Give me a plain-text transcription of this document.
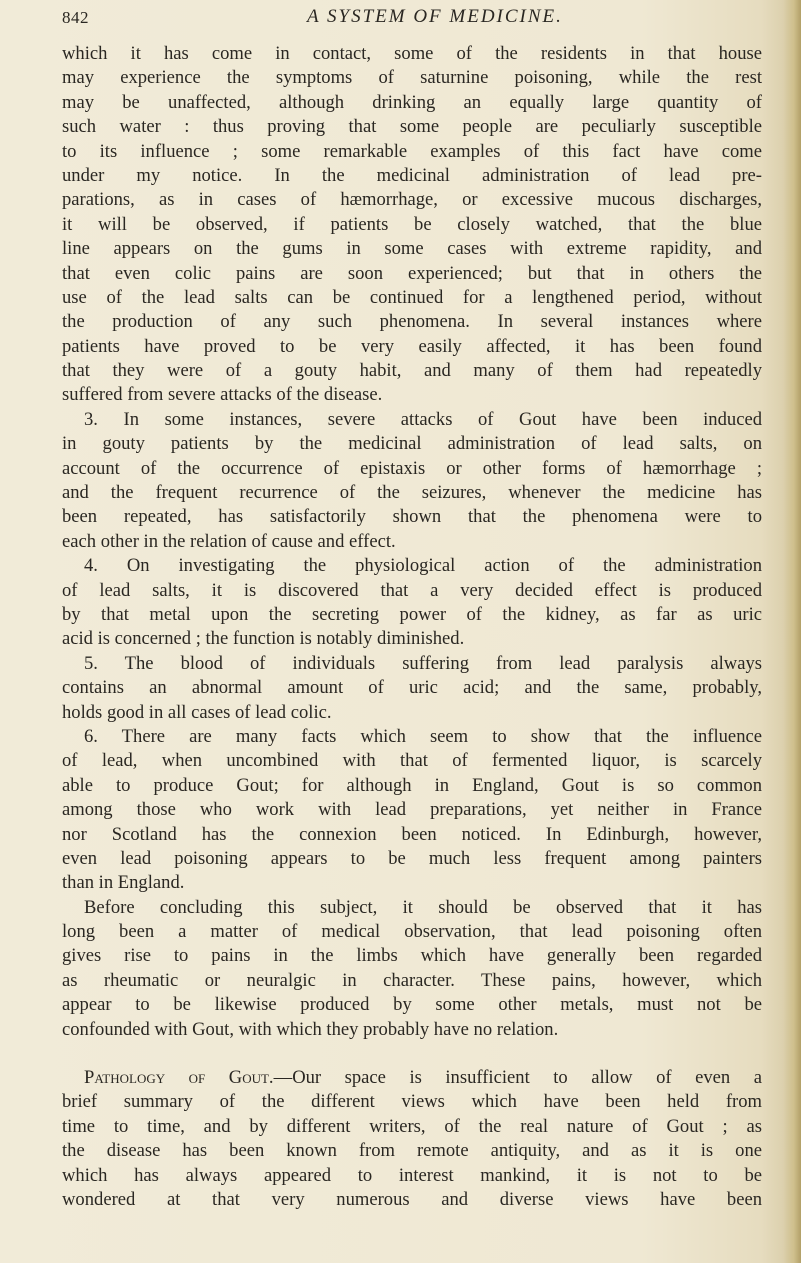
842	A SYSTEM OF MEDICINE.
which it has come in contact, some of the residents in that house
may experience the symptoms of saturnine poisoning, while the rest
may be unaffected, although drinking an equally large quantity of
such water : thus proving that some people are peculiarly susceptible
to its influence ; some remarkable examples of this fact have come
under my notice. In the medicinal administration of lead pre-
parations, as in cases of hæmorrhage, or excessive mucous discharges,
it will be observed, if patients be closely watched, that the blue
line appears on the gums in some cases with extreme rapidity, and
that even colic pains are soon experienced; but that in others the
use of the lead salts can be continued for a lengthened period, without
the production of any such phenomena. In several instances where
patients have proved to be very easily affected, it has been found
that they were of a gouty habit, and many of them had repeatedly
suffered from severe attacks of the disease.
3. In some instances, severe attacks of Gout have been induced
in gouty patients by the medicinal administration of lead salts, on
account of the occurrence of epistaxis or other forms of hæmorrhage ;
and the frequent recurrence of the seizures, whenever the medicine has
been repeated, has satisfactorily shown that the phenomena were to
each other in the relation of cause and effect.
4. On investigating the physiological action of the administration
of lead salts, it is discovered that a very decided effect is produced
by that metal upon the secreting power of the kidney, as far as uric
acid is concerned ; the function is notably diminished.
5. The blood of individuals suffering from lead paralysis always
contains an abnormal amount of uric acid; and the same, probably,
holds good in all cases of lead colic.
6. There are many facts which seem to show that the influence
of lead, when uncombined with that of fermented liquor, is scarcely
able to produce Gout; for although in England, Gout is so common
among those who work with lead preparations, yet neither in France
nor Scotland has the connexion been noticed. In Edinburgh, however,
even lead poisoning appears to be much less frequent among painters
than in England.
Before concluding this subject, it should be observed that it has
long been a matter of medical observation, that lead poisoning often
gives rise to pains in the limbs which have generally been regarded
as rheumatic or neuralgic in character. These pains, however, which
appear to be likewise produced by some other metals, must not be
confounded with Gout, with which they probably have no relation.
Pathology of Gout.—Our space is insufficient to allow of even a
brief summary of the different views which have been held from
time to time, and by different writers, of the real nature of Gout ; as
the disease has been known from remote antiquity, and as it is one
which has always appeared to interest mankind, it is not to be
wondered at that very numerous and diverse views have been
